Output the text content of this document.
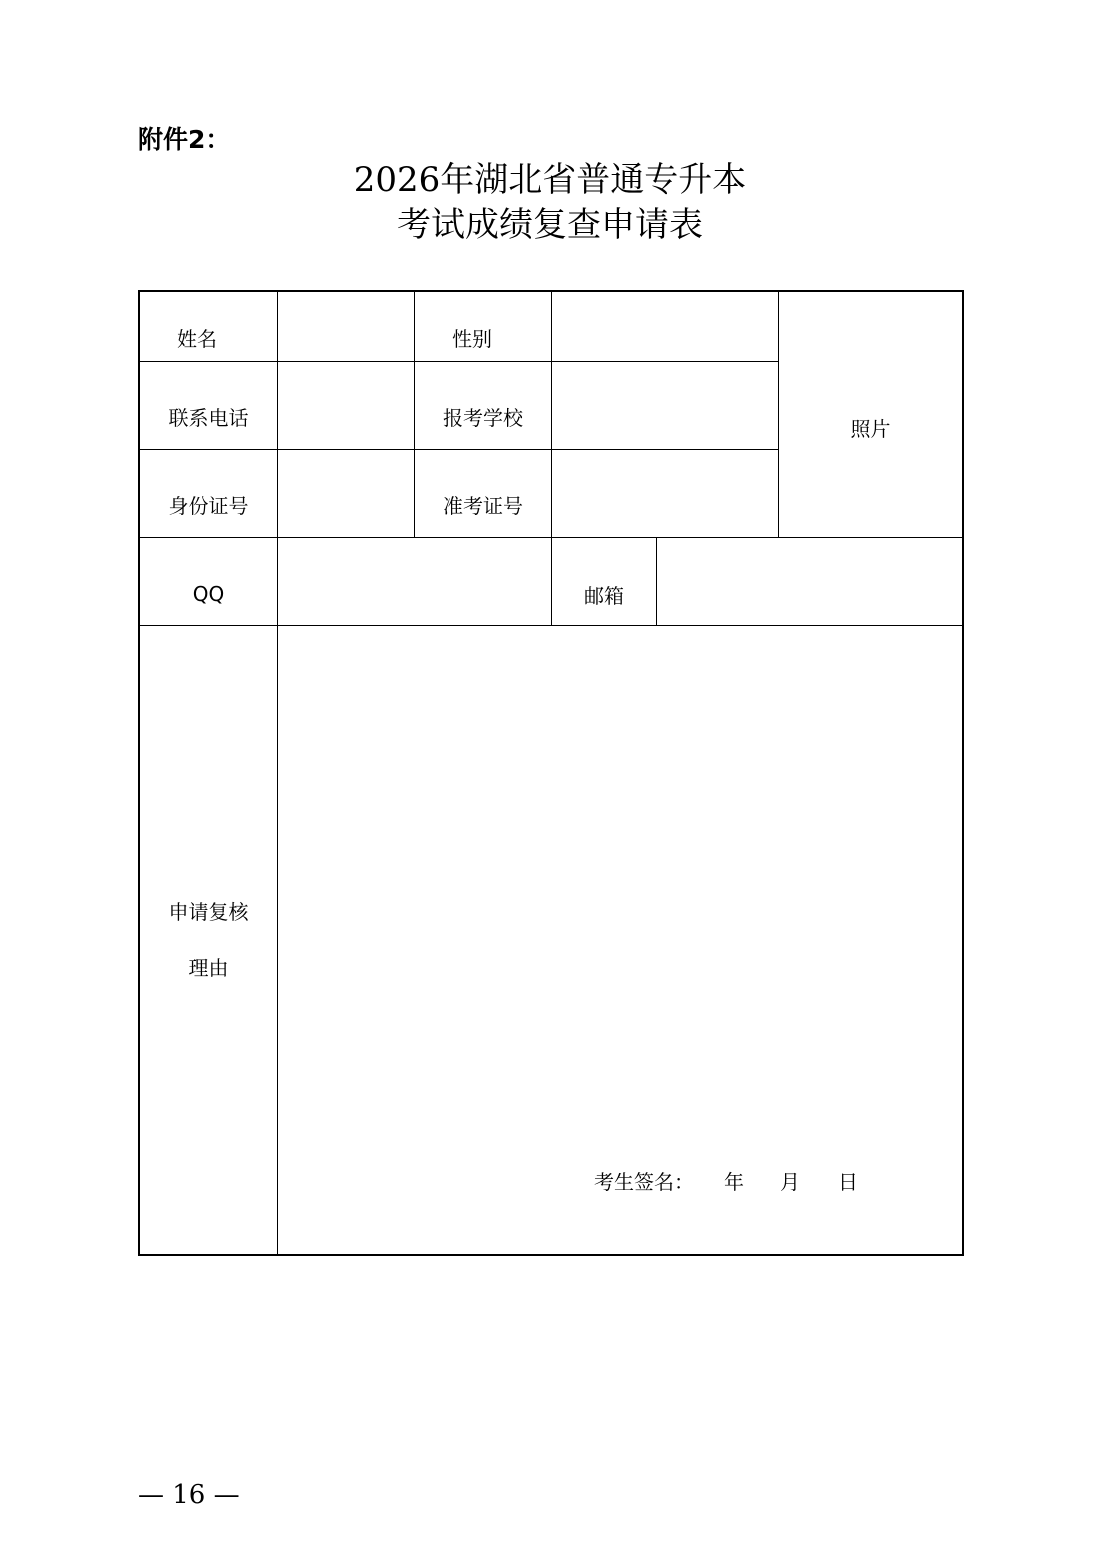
附件2：
2026年湖北省普通专升本
考试成绩复查申请表
姓名	性别
联系电话	报考学校
身份证号	准考证号
照片
QQ	邮箱
申请复核
理由
考生签名： 年 月 日
— 16 —
